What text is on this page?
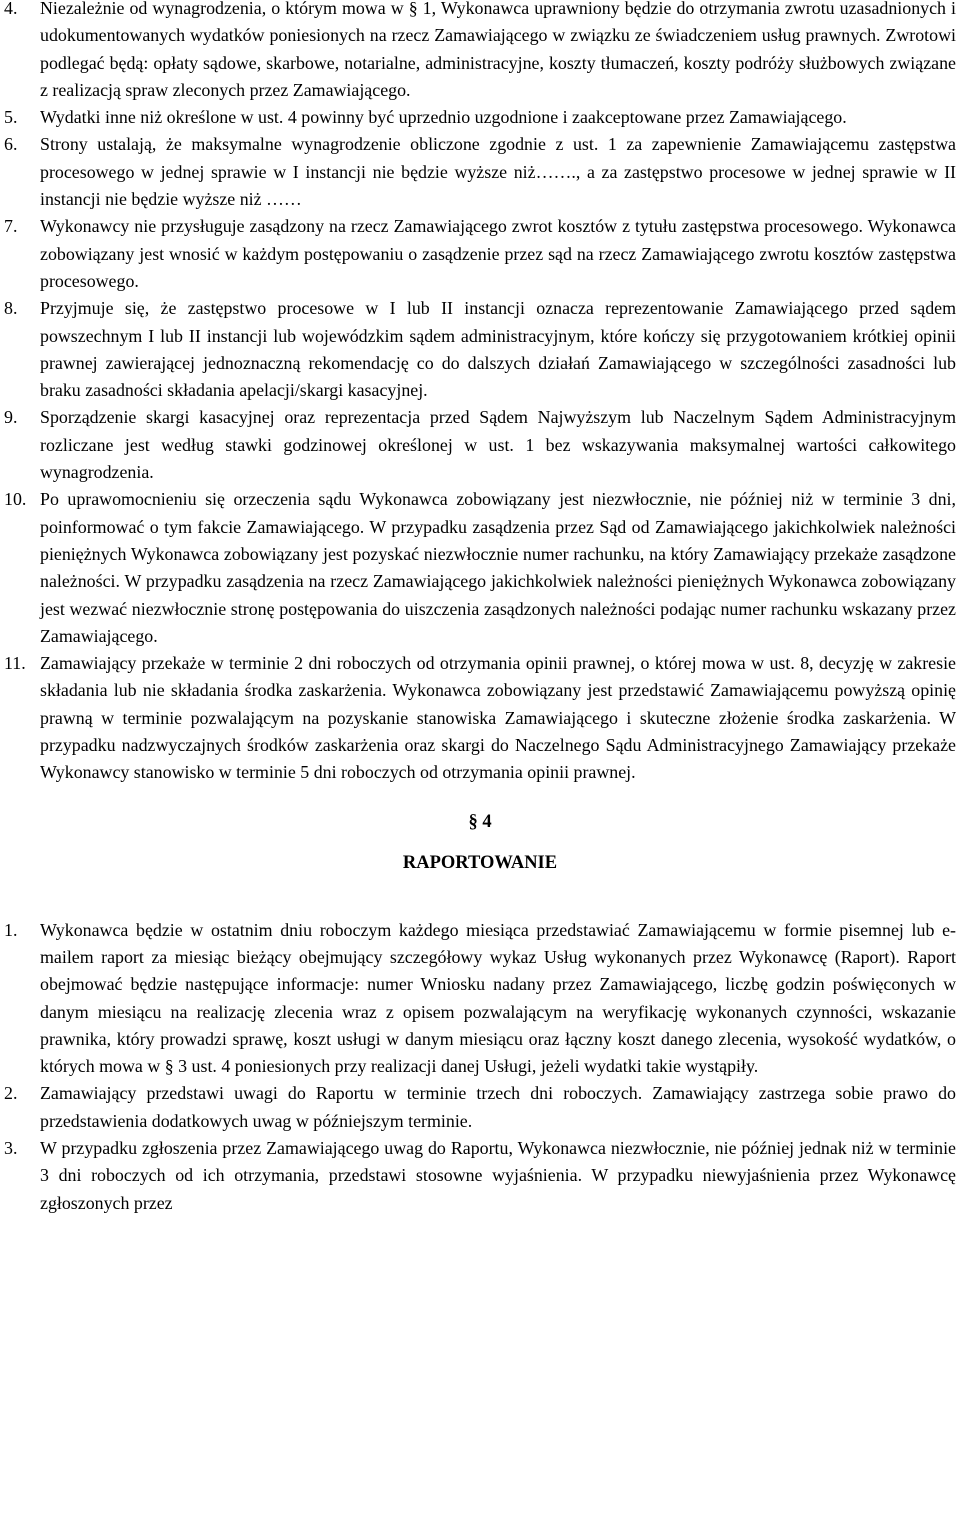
4. Niezależnie od wynagrodzenia, o którym mowa w § 1, Wykonawca uprawniony będzie do otrzymania zwrotu uzasadnionych i udokumentowanych wydatków poniesionych na rzecz Zamawiającego w związku ze świadczeniem usług prawnych. Zwrotowi podlegać będą: opłaty sądowe, skarbowe, notarialne, administracyjne, koszty tłumaczeń, koszty podróży służbowych związane z realizacją spraw zleconych przez Zamawiającego.
5. Wydatki inne niż określone w ust. 4 powinny być uprzednio uzgodnione i zaakceptowane przez Zamawiającego.
6. Strony ustalają, że maksymalne wynagrodzenie obliczone zgodnie z ust. 1 za zapewnienie Zamawiającemu zastępstwa procesowego w jednej sprawie w I instancji nie będzie wyższe niż……., a za zastępstwo procesowe w jednej sprawie w II instancji nie będzie wyższe niż ……
7. Wykonawcy nie przysługuje zasądzony na rzecz Zamawiającego zwrot kosztów z tytułu zastępstwa procesowego. Wykonawca zobowiązany jest wnosić w każdym postępowaniu o zasądzenie przez sąd na rzecz Zamawiającego zwrotu kosztów zastępstwa procesowego.
8. Przyjmuje się, że zastępstwo procesowe w I lub II instancji oznacza reprezentowanie Zamawiającego przed sądem powszechnym I lub II instancji lub wojewódzkim sądem administracyjnym, które kończy się przygotowaniem krótkiej opinii prawnej zawierającej jednoznaczną rekomendację co do dalszych działań Zamawiającego w szczególności zasadności lub braku zasadności składania apelacji/skargi kasacyjnej.
9. Sporządzenie skargi kasacyjnej oraz reprezentacja przed Sądem Najwyższym lub Naczelnym Sądem Administracyjnym rozliczane jest według stawki godzinowej określonej w ust. 1 bez wskazywania maksymalnej wartości całkowitego wynagrodzenia.
10. Po uprawomocnieniu się orzeczenia sądu Wykonawca zobowiązany jest niezwłocznie, nie później niż w terminie 3 dni, poinformować o tym fakcie Zamawiającego. W przypadku zasądzenia przez Sąd od Zamawiającego jakichkolwiek należności pieniężnych Wykonawca zobowiązany jest pozyskać niezwłocznie numer rachunku, na który Zamawiający przekaże zasądzone należności. W przypadku zasądzenia na rzecz Zamawiającego jakichkolwiek należności pieniężnych Wykonawca zobowiązany jest wezwać niezwłocznie stronę postępowania do uiszczenia zasądzonych należności podając numer rachunku wskazany przez Zamawiającego.
11. Zamawiający przekaże w terminie 2 dni roboczych od otrzymania opinii prawnej, o której mowa w ust. 8, decyzję w zakresie składania lub nie składania środka zaskarżenia. Wykonawca zobowiązany jest przedstawić Zamawiającemu powyższą opinię prawną w terminie pozwalającym na pozyskanie stanowiska Zamawiającego i skuteczne złożenie środka zaskarżenia. W przypadku nadzwyczajnych środków zaskarżenia oraz skargi do Naczelnego Sądu Administracyjnego Zamawiający przekaże Wykonawcy stanowisko w terminie 5 dni roboczych od otrzymania opinii prawnej.
§ 4
RAPORTOWANIE
1. Wykonawca będzie w ostatnim dniu roboczym każdego miesiąca przedstawiać Zamawiającemu w formie pisemnej lub e-mailem raport za miesiąc bieżący obejmujący szczegółowy wykaz Usług wykonanych przez Wykonawcę (Raport). Raport obejmować będzie następujące informacje: numer Wniosku nadany przez Zamawiającego, liczbę godzin poświęconych w danym miesiącu na realizację zlecenia wraz z opisem pozwalającym na weryfikację wykonanych czynności, wskazanie prawnika, który prowadzi sprawę, koszt usługi w danym miesiącu oraz łączny koszt danego zlecenia, wysokość wydatków, o których mowa w § 3 ust. 4 poniesionych przy realizacji danej Usługi, jeżeli wydatki takie wystąpiły.
2. Zamawiający przedstawi uwagi do Raportu w terminie trzech dni roboczych. Zamawiający zastrzega sobie prawo do przedstawienia dodatkowych uwag w późniejszym terminie.
3. W przypadku zgłoszenia przez Zamawiającego uwag do Raportu, Wykonawca niezwłocznie, nie później jednak niż w terminie 3 dni roboczych od ich otrzymania, przedstawi stosowne wyjaśnienia. W przypadku niewyjaśnienia przez Wykonawcę zgłoszonych przez
